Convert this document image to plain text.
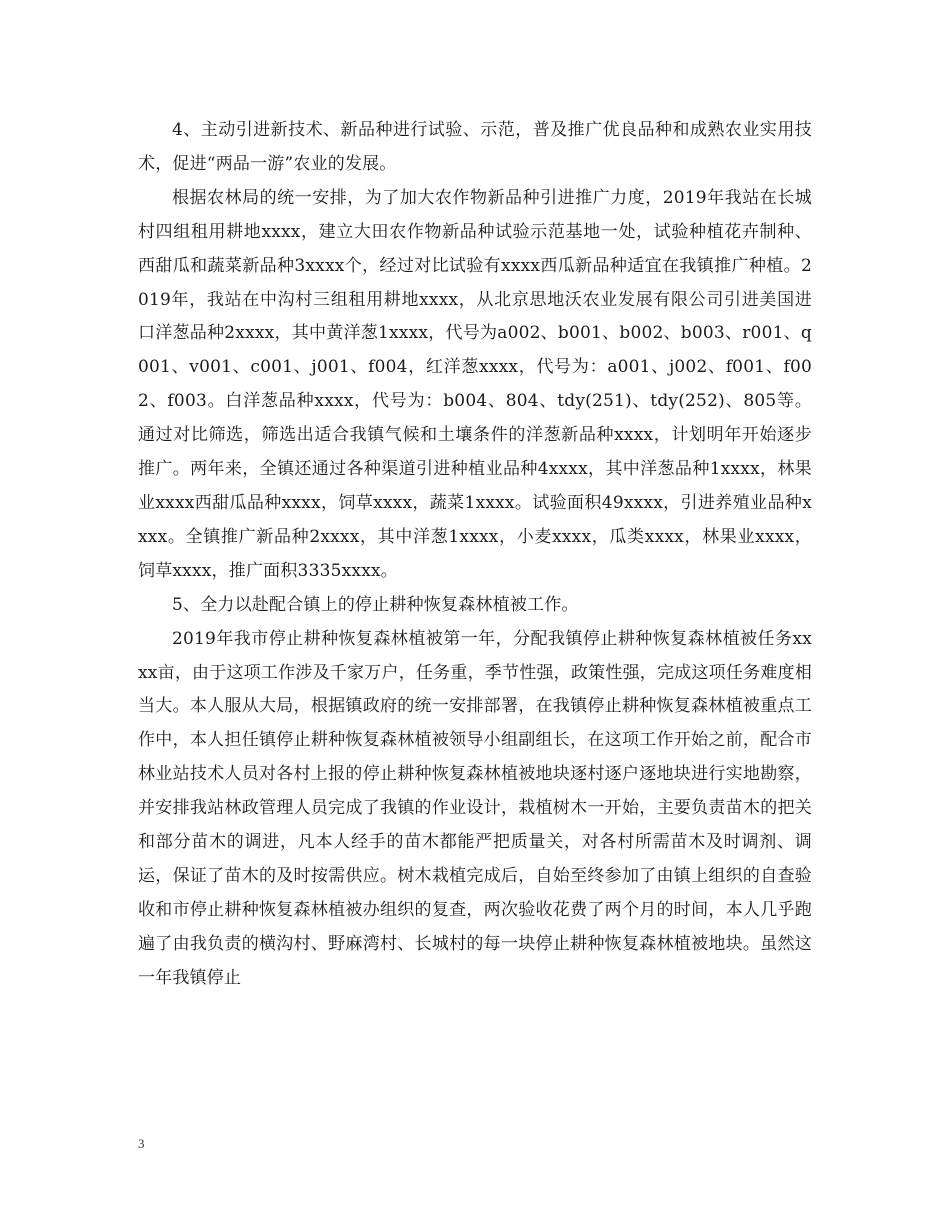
4、主动引进新技术、新品种进行试验、示范，普及推广优良品种和成熟农业实用技术，促进“两品一游”农业的发展。

根据农林局的统一安排，为了加大农作物新品种引进推广力度，2019年我站在长城村四组租用耕地xxxx，建立大田农作物新品种试验示范基地一处，试验种植花卉制种、西甜瓜和蔬菜新品种3xxxx个，经过对比试验有xxxx西瓜新品种适宜在我镇推广种植。2019年，我站在中沟村三组租用耕地xxxx，从北京思地沃农业发展有限公司引进美国进口洋葱品种2xxxx，其中黄洋葱1xxxx，代号为a002、b001、b002、b003、r001、q001、v001、c001、j001、f004，红洋葱xxxx，代号为：a001、j002、f001、f002、f003。白洋葱品种xxxx，代号为：b004、804、tdy(251)、tdy(252)、805等。通过对比筛选，筛选出适合我镇气候和土壤条件的洋葱新品种xxxx，计划明年开始逐步推广。两年来，全镇还通过各种渠道引进种植业品种4xxxx，其中洋葱品种1xxxx，林果业xxxx西甜瓜品种xxxx，饲草xxxx，蔬菜1xxxx。试验面积49xxxx，引进养殖业品种xxxx。全镇推广新品种2xxxx，其中洋葱1xxxx，小麦xxxx，瓜类xxxx，林果业xxxx，饲草xxxx，推广面积3335xxxx。

5、全力以赴配合镇上的停止耕种恢复森林植被工作。

2019年我市停止耕种恢复森林植被第一年，分配我镇停止耕种恢复森林植被任务xxxx亩，由于这项工作涉及千家万户，任务重，季节性强，政策性强，完成这项任务难度相当大。本人服从大局，根据镇政府的统一安排部署，在我镇停止耕种恢复森林植被重点工作中，本人担任镇停止耕种恢复森林植被领导小组副组长，在这项工作开始之前，配合市林业站技术人员对各村上报的停止耕种恢复森林植被地块逐村逐户逐地块进行实地勘察，并安排我站林政管理人员完成了我镇的作业设计，栽植树木一开始，主要负责苗木的把关和部分苗木的调进，凡本人经手的苗木都能严把质量关，对各村所需苗木及时调剂、调运，保证了苗木的及时按需供应。树木栽植完成后，自始至终参加了由镇上组织的自查验收和市停止耕种恢复森林植被办组织的复查，两次验收花费了两个月的时间，本人几乎跑遍了由我负责的横沟村、野麻湾村、长城村的每一块停止耕种恢复森林植被地块。虽然这一年我镇停止

3
